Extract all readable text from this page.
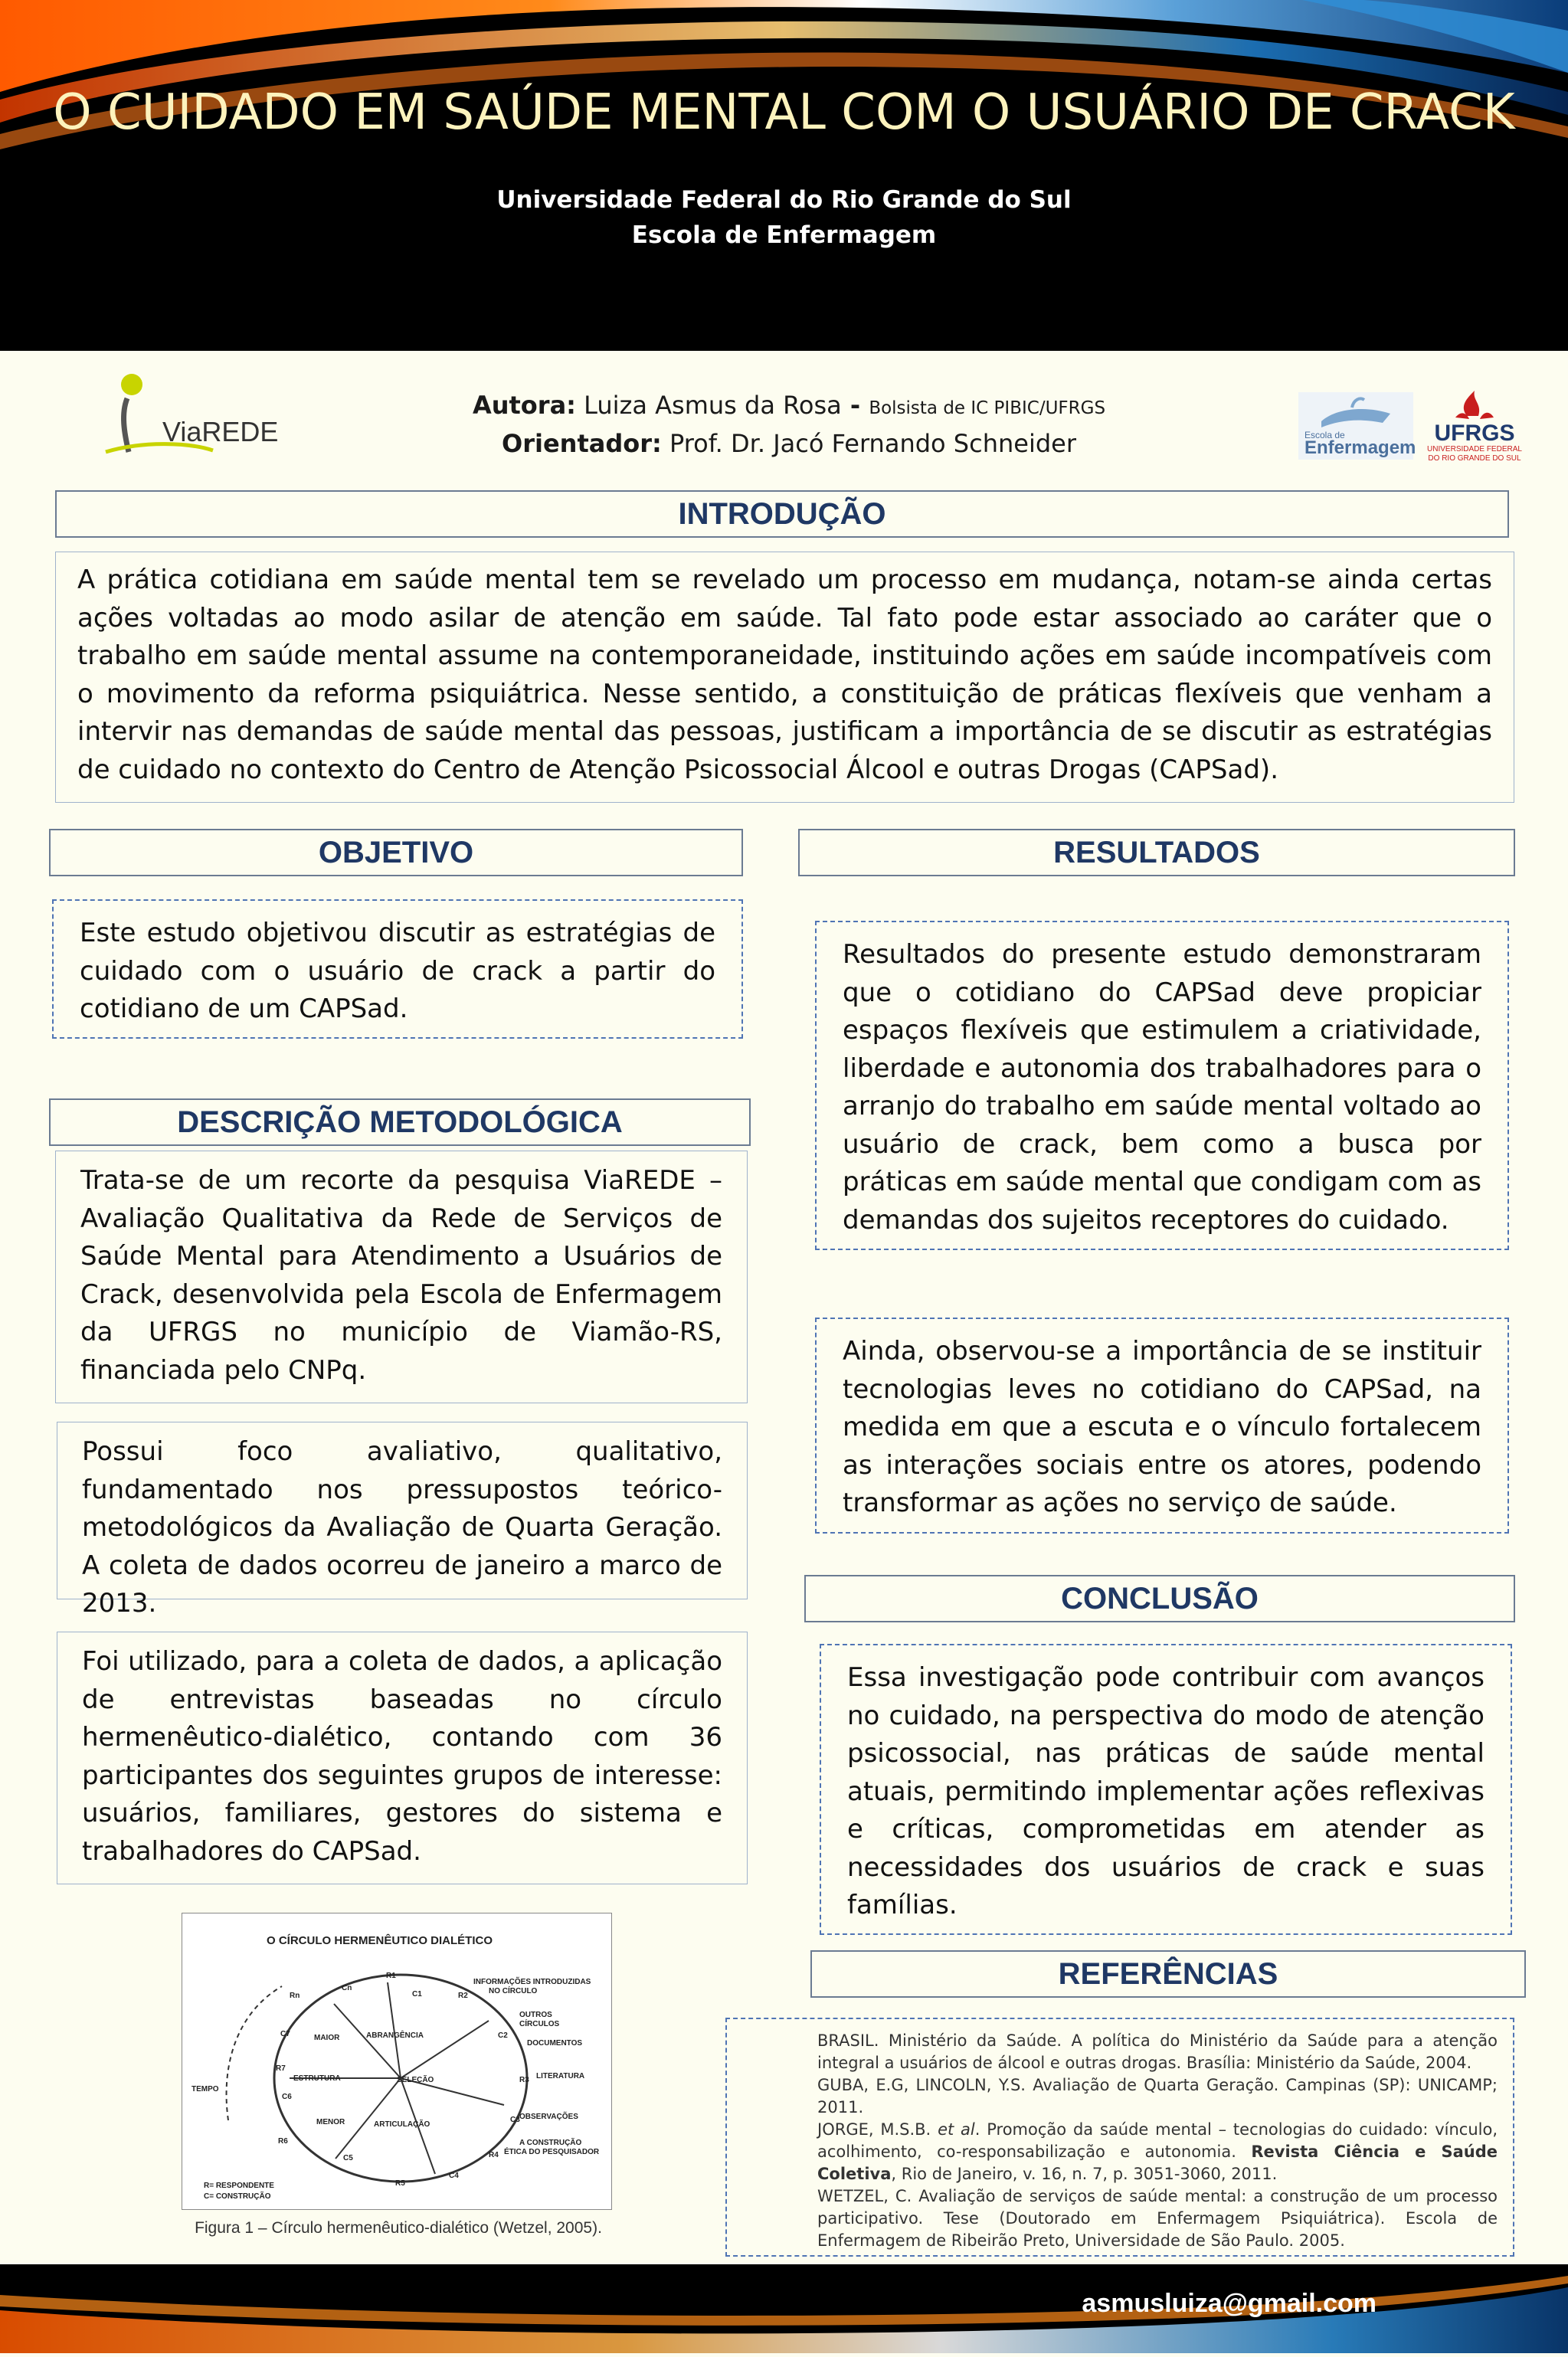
O CUIDADO EM SAÚDE MENTAL COM O USUÁRIO DE CRACK
Universidade Federal do Rio Grande do Sul
Escola de Enfermagem
ViaREDE	Escola de
Enfermagem
UFRGS
UNIVERSIDADE FEDERAL
DO RIO GRANDE DO SUL
Autora: Luiza Asmus da Rosa - Bolsista de IC PIBIC/UFRGS
Orientador: Prof. Dr. Jacó Fernando Schneider
INTRODUÇÃO
A prática cotidiana em saúde mental tem se revelado um processo em mudança, notam-se ainda certas ações voltadas ao modo asilar de atenção em saúde. Tal fato pode estar associado ao caráter que o trabalho em saúde mental assume na contemporaneidade, instituindo ações em saúde incompatíveis com o movimento da reforma psiquiátrica. Nesse sentido, a constituição de práticas flexíveis que venham a intervir nas demandas de saúde mental das pessoas, justificam a importância de se discutir as estratégias de cuidado no contexto do Centro de Atenção Psicossocial Álcool e outras Drogas (CAPSad).
OBJETIVO
Este estudo objetivou discutir as estratégias de cuidado com o usuário de crack a partir do cotidiano de um CAPSad.
DESCRIÇÃO METODOLÓGICA
Trata-se de um recorte da pesquisa ViaREDE – Avaliação Qualitativa da Rede de Serviços de Saúde Mental para Atendimento a Usuários de Crack, desenvolvida pela Escola de Enfermagem da UFRGS no município de Viamão-RS, financiada pelo CNPq.
Possui foco avaliativo, qualitativo, fundamentado nos pressupostos teórico-metodológicos da Avaliação de Quarta Geração. A coleta de dados ocorreu de janeiro a marco de 2013.
Foi utilizado, para a coleta de dados, a aplicação de entrevistas baseadas no círculo hermenêutico-dialético, contando com 36 participantes dos seguintes grupos de interesse: usuários, familiares, gestores do sistema e trabalhadores do CAPSad.
O CÍRCULO HERMENÊUTICO DIALÉTICO
R1
C1	R2
C2
R3
C3
R4
C4
R5
C5
R6
C6
R7
C7
Rn
Cn
TEMPO
MAIOR	ABRANGÊNCIA
ESTRUTURA	SELEÇÃO
MENOR	ARTICULAÇÃO
INFORMAÇÕES INTRODUZIDAS
NO CÍRCULO
OUTROS
CÍRCULOS
DOCUMENTOS
LITERATURA
OBSERVAÇÕES
A CONSTRUÇÃO
ÉTICA DO PESQUISADOR
R= RESPONDENTE
C= CONSTRUÇÃO
Figura 1 – Círculo hermenêutico-dialético (Wetzel, 2005).
RESULTADOS
Resultados do presente estudo demonstraram que o cotidiano do CAPSad deve propiciar espaços flexíveis que estimulem a criatividade, liberdade e autonomia dos trabalhadores para o arranjo do trabalho em saúde mental voltado ao usuário de crack, bem como a busca por práticas em saúde mental que condigam com as demandas dos sujeitos receptores do cuidado.
Ainda, observou-se a importância de se instituir tecnologias leves no cotidiano do CAPSad, na medida em que a escuta e o vínculo fortalecem as interações sociais entre os atores, podendo transformar as ações no serviço de saúde.
CONCLUSÃO
Essa investigação pode contribuir com avanços no cuidado, na perspectiva do modo de atenção psicossocial, nas práticas de saúde mental atuais, permitindo implementar ações reflexivas e críticas, comprometidas em atender as necessidades dos usuários de crack e suas famílias.
REFERÊNCIAS

BRASIL. Ministério da Saúde. A política do Ministério da Saúde para a atenção integral a usuários de álcool e outras drogas. Brasília: Ministério da Saúde, 2004.

GUBA, E.G, LINCOLN, Y.S. Avaliação de Quarta Geração. Campinas (SP): UNICAMP; 2011.

JORGE, M.S.B. et al. Promoção da saúde mental – tecnologias do cuidado: vínculo, acolhimento, co-responsabilização e autonomia. Revista Ciência e Saúde Coletiva, Rio de Janeiro, v. 16, n. 7, p. 3051-3060, 2011.

WETZEL, C. Avaliação de serviços de saúde mental: a construção de um processo participativo. Tese (Doutorado em Enfermagem Psiquiátrica). Escola de Enfermagem de Ribeirão Preto, Universidade de São Paulo. 2005.

asmusluiza@gmail.com
